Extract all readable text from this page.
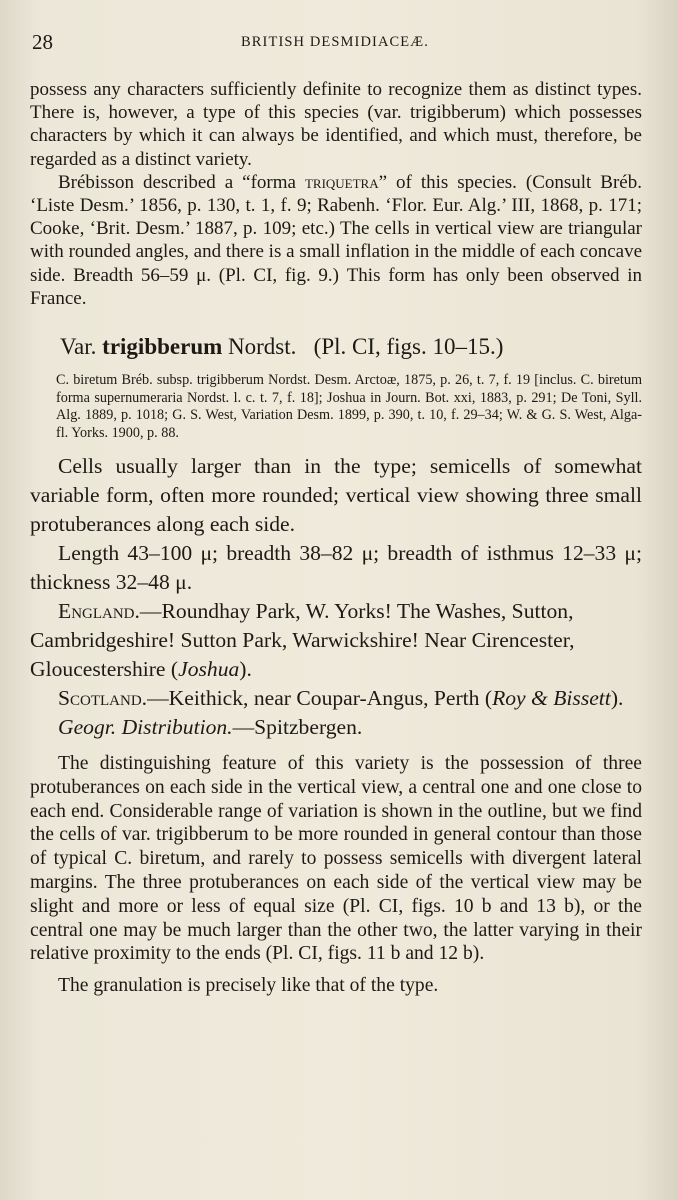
28	BRITISH DESMIDIACEÆ.

possess any characters sufficiently definite to recognize them as distinct types. There is, however, a type of this species (var. trigibberum) which possesses characters by which it can always be identified, and which must, therefore, be regarded as a distinct variety.

Brébisson described a “forma triquetra” of this species. (Consult Bréb. ‘Liste Desm.’ 1856, p. 130, t. 1, f. 9; Rabenh. ‘Flor. Eur. Alg.’ III, 1868, p. 171; Cooke, ‘Brit. Desm.’ 1887, p. 109; etc.) The cells in vertical view are triangular with rounded angles, and there is a small inflation in the middle of each concave side. Breadth 56–59 μ. (Pl. CI, fig. 9.) This form has only been observed in France.

Var. trigibberum Nordst. (Pl. CI, figs. 10–15.)

C. biretum Bréb. subsp. trigibberum Nordst. Desm. Arctoæ, 1875, p. 26, t. 7, f. 19 [inclus. C. biretum forma supernumeraria Nordst. l. c. t. 7, f. 18]; Joshua in Journ. Bot. xxi, 1883, p. 291; De Toni, Syll. Alg. 1889, p. 1018; G. S. West, Variation Desm. 1899, p. 390, t. 10, f. 29–34; W. & G. S. West, Alga-fl. Yorks. 1900, p. 88.

Cells usually larger than in the type; semicells of somewhat variable form, often more rounded; vertical view showing three small protuberances along each side.

Length 43–100 μ; breadth 38–82 μ; breadth of isthmus 12–33 μ; thickness 32–48 μ.

England.—Roundhay Park, W. Yorks! The Washes, Sutton, Cambridgeshire! Sutton Park, Warwickshire! Near Cirencester, Gloucestershire (Joshua).

Scotland.—Keithick, near Coupar-Angus, Perth (Roy & Bissett).

Geogr. Distribution.—Spitzbergen.

The distinguishing feature of this variety is the possession of three protuberances on each side in the vertical view, a central one and one close to each end. Considerable range of variation is shown in the outline, but we find the cells of var. trigibberum to be more rounded in general contour than those of typical C. biretum, and rarely to possess semicells with divergent lateral margins. The three protuberances on each side of the vertical view may be slight and more or less of equal size (Pl. CI, figs. 10 b and 13 b), or the central one may be much larger than the other two, the latter varying in their relative proximity to the ends (Pl. CI, figs. 11 b and 12 b).

The granulation is precisely like that of the type.
